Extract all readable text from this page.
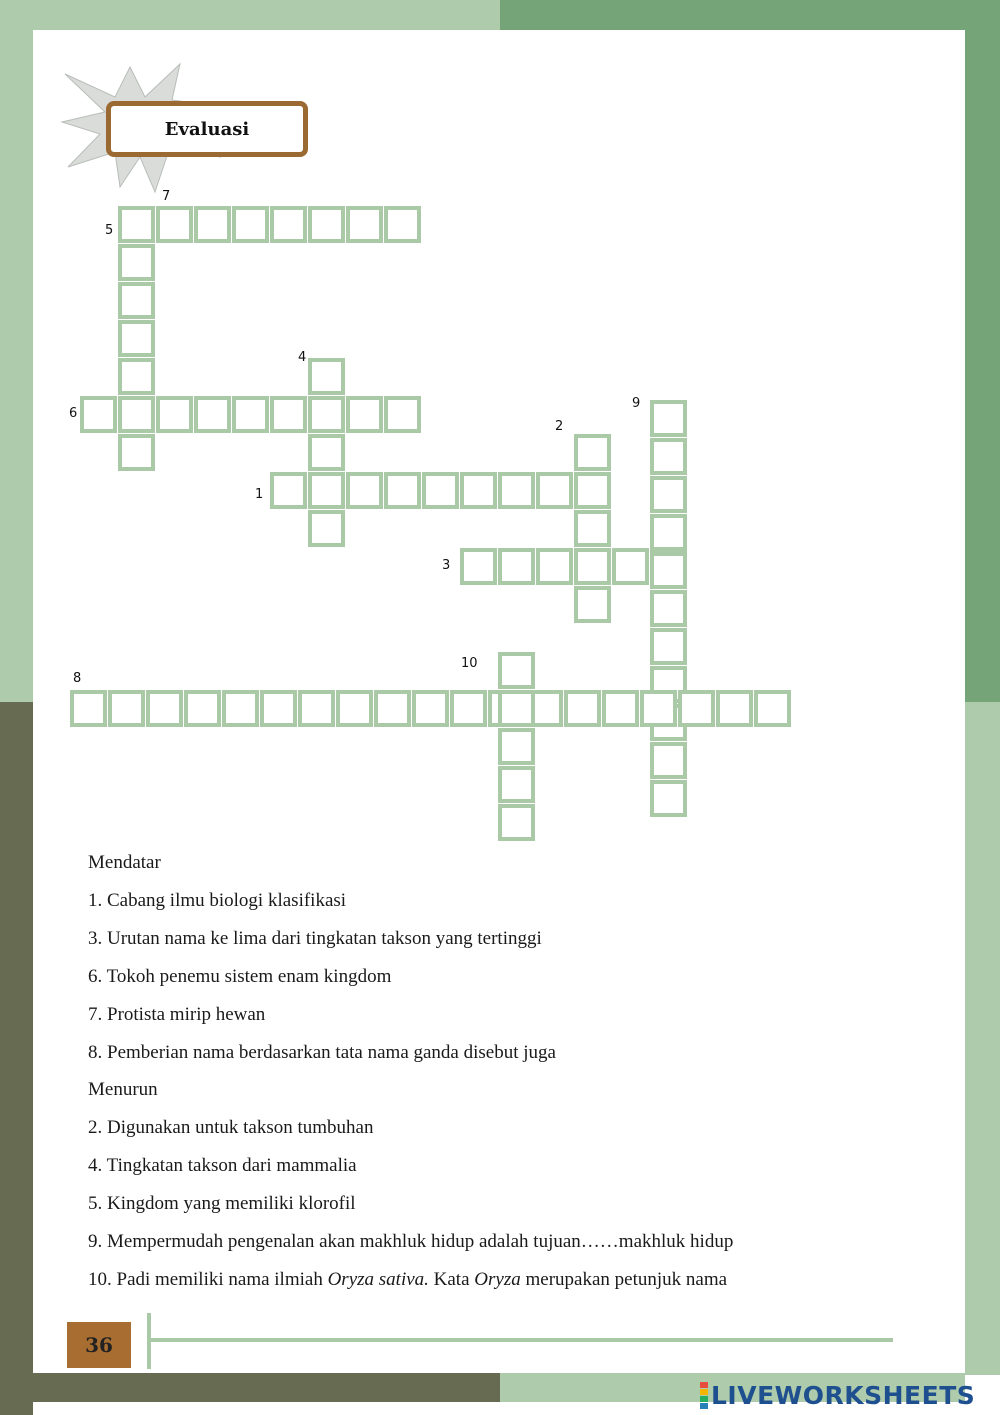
Evaluasi
7
5
4
6
9
2
1
3
10
8
Mendatar
1. Cabang ilmu biologi klasifikasi
3. Urutan nama ke lima dari tingkatan takson yang tertinggi
6. Tokoh penemu sistem enam kingdom
7. Protista mirip hewan
8. Pemberian nama berdasarkan tata nama ganda disebut juga
Menurun
2. Digunakan untuk takson tumbuhan
4. Tingkatan takson dari mammalia
5. Kingdom yang memiliki klorofil
9. Mempermudah pengenalan akan makhluk hidup adalah tujuan……makhluk hidup
10. Padi memiliki nama ilmiah Oryza sativa. Kata Oryza merupakan petunjuk nama
36
LIVEWORKSHEETS
